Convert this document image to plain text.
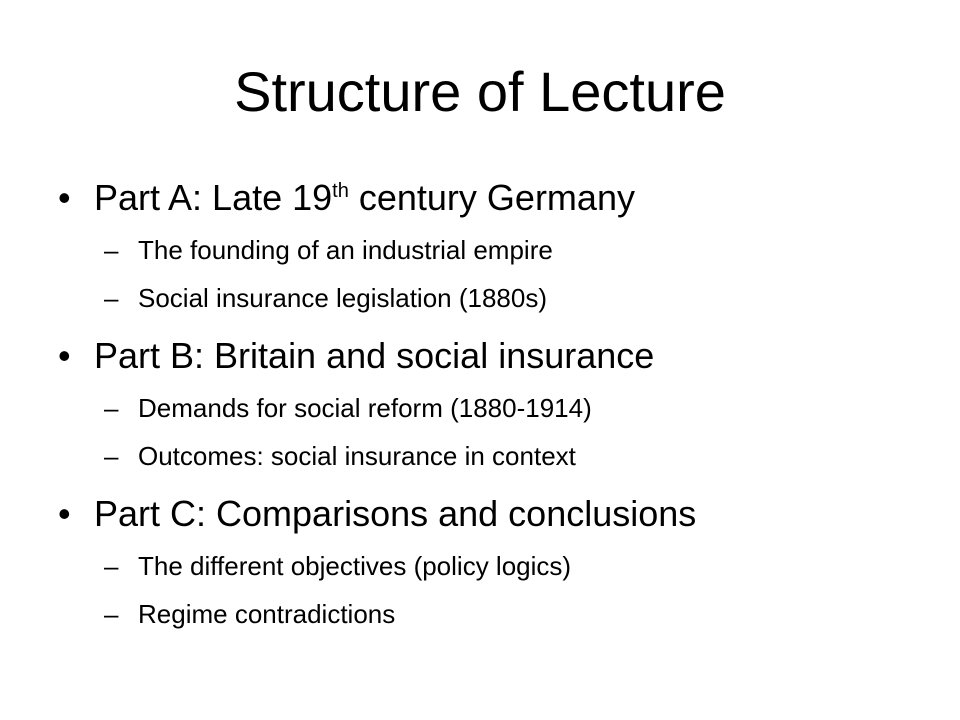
Structure of Lecture
• Part A: Late 19th century Germany
– The founding of an industrial empire
– Social insurance legislation (1880s)
• Part B: Britain and social insurance
– Demands for social reform (1880-1914)
– Outcomes: social insurance in context
• Part C: Comparisons and conclusions
– The different objectives (policy logics)
– Regime contradictions
